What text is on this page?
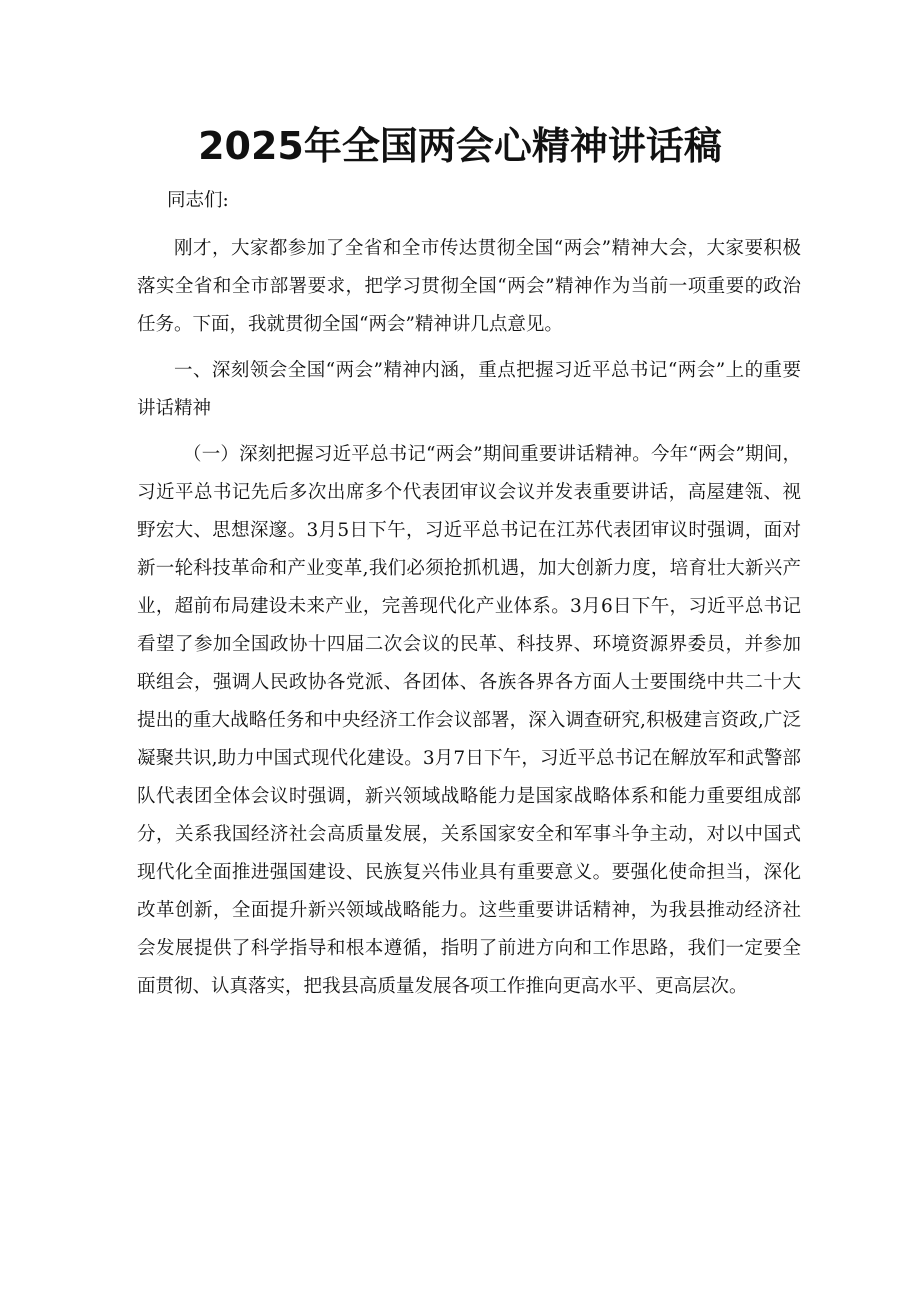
2025年全国两会心精神讲话稿

同志们:

刚才，大家都参加了全省和全市传达贯彻全国“两会”精神大会，大家要积极落实全省和全市部署要求，把学习贯彻全国“两会”精神作为当前一项重要的政治任务。下面，我就贯彻全国“两会”精神讲几点意见。

一、深刻领会全国“两会”精神内涵，重点把握习近平总书记“两会”上的重要讲话精神

（一）深刻把握习近平总书记“两会”期间重要讲话精神。今年“两会”期间，习近平总书记先后多次出席多个代表团审议会议并发表重要讲话，高屋建瓴、视野宏大、思想深邃。3月5日下午，习近平总书记在江苏代表团审议时强调，面对新一轮科技革命和产业变革,我们必须抢抓机遇，加大创新力度，培育壮大新兴产业，超前布局建设未来产业，完善现代化产业体系。3月6日下午，习近平总书记看望了参加全国政协十四届二次会议的民革、科技界、环境资源界委员，并参加联组会，强调人民政协各党派、各团体、各族各界各方面人士要围绕中共二十大提出的重大战略任务和中央经济工作会议部署，深入调查研究,积极建言资政,广泛凝聚共识,助力中国式现代化建设。3月7日下午，习近平总书记在解放军和武警部队代表团全体会议时强调，新兴领域战略能力是国家战略体系和能力重要组成部分，关系我国经济社会高质量发展，关系国家安全和军事斗争主动，对以中国式现代化全面推进强国建设、民族复兴伟业具有重要意义。要强化使命担当，深化改革创新，全面提升新兴领域战略能力。这些重要讲话精神，为我县推动经济社会发展提供了科学指导和根本遵循，指明了前进方向和工作思路，我们一定要全面贯彻、认真落实，把我县高质量发展各项工作推向更高水平、更高层次。
